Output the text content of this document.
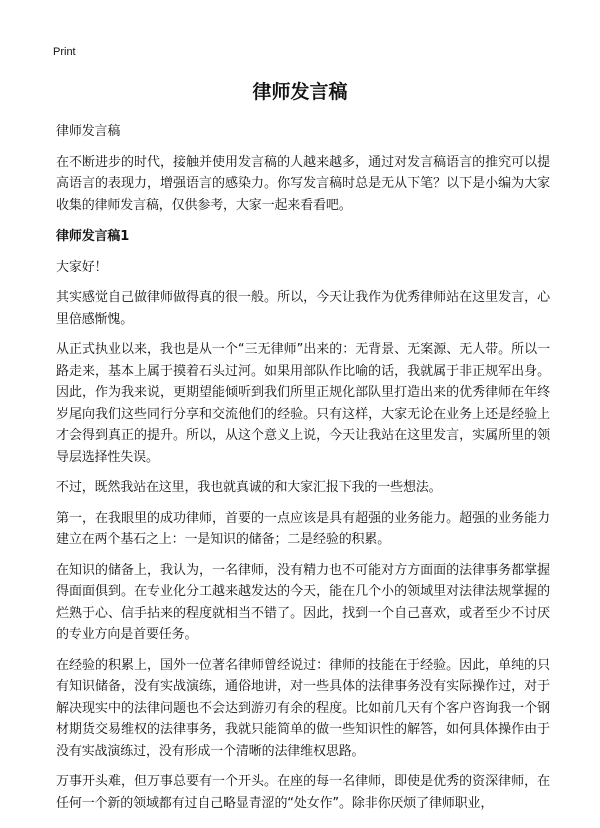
Print
律师发言稿

律师发言稿

在不断进步的时代，接触并使用发言稿的人越来越多，通过对发言稿语言的推究可以提高语言的表现力，增强语言的感染力。你写发言稿时总是无从下笔？以下是小编为大家收集的律师发言稿，仅供参考，大家一起来看看吧。

律师发言稿1

大家好！

其实感觉自己做律师做得真的很一般。所以，今天让我作为优秀律师站在这里发言，心里倍感惭愧。

从正式执业以来，我也是从一个“三无律师”出来的：无背景、无案源、无人带。所以一路走来，基本上属于摸着石头过河。如果用部队作比喻的话，我就属于非正规军出身。因此，作为我来说，更期望能倾听到我们所里正规化部队里打造出来的优秀律师在年终岁尾向我们这些同行分享和交流他们的经验。只有这样，大家无论在业务上还是经验上才会得到真正的提升。所以，从这个意义上说，今天让我站在这里发言，实属所里的领导层选择性失误。

不过，既然我站在这里，我也就真诚的和大家汇报下我的一些想法。

第一，在我眼里的成功律师，首要的一点应该是具有超强的业务能力。超强的业务能力建立在两个基石之上：一是知识的储备；二是经验的积累。

在知识的储备上，我认为，一名律师，没有精力也不可能对方方面面的法律事务都掌握得面面俱到。在专业化分工越来越发达的今天，能在几个小的领域里对法律法规掌握的烂熟于心、信手拈来的程度就相当不错了。因此，找到一个自己喜欢，或者至少不讨厌的专业方向是首要任务。

在经验的积累上，国外一位著名律师曾经说过：律师的技能在于经验。因此，单纯的只有知识储备，没有实战演练，通俗地讲，对一些具体的法律事务没有实际操作过，对于解决现实中的法律问题也不会达到游刃有余的程度。比如前几天有个客户咨询我一个钢材期货交易维权的法律事务，我就只能简单的做一些知识性的解答，如何具体操作由于没有实战演练过，没有形成一个清晰的法律维权思路。

万事开头难，但万事总要有一个开头。在座的每一名律师，即使是优秀的资深律师，在任何一个新的领域都有过自己略显青涩的“处女作”。除非你厌烦了律师职业，
